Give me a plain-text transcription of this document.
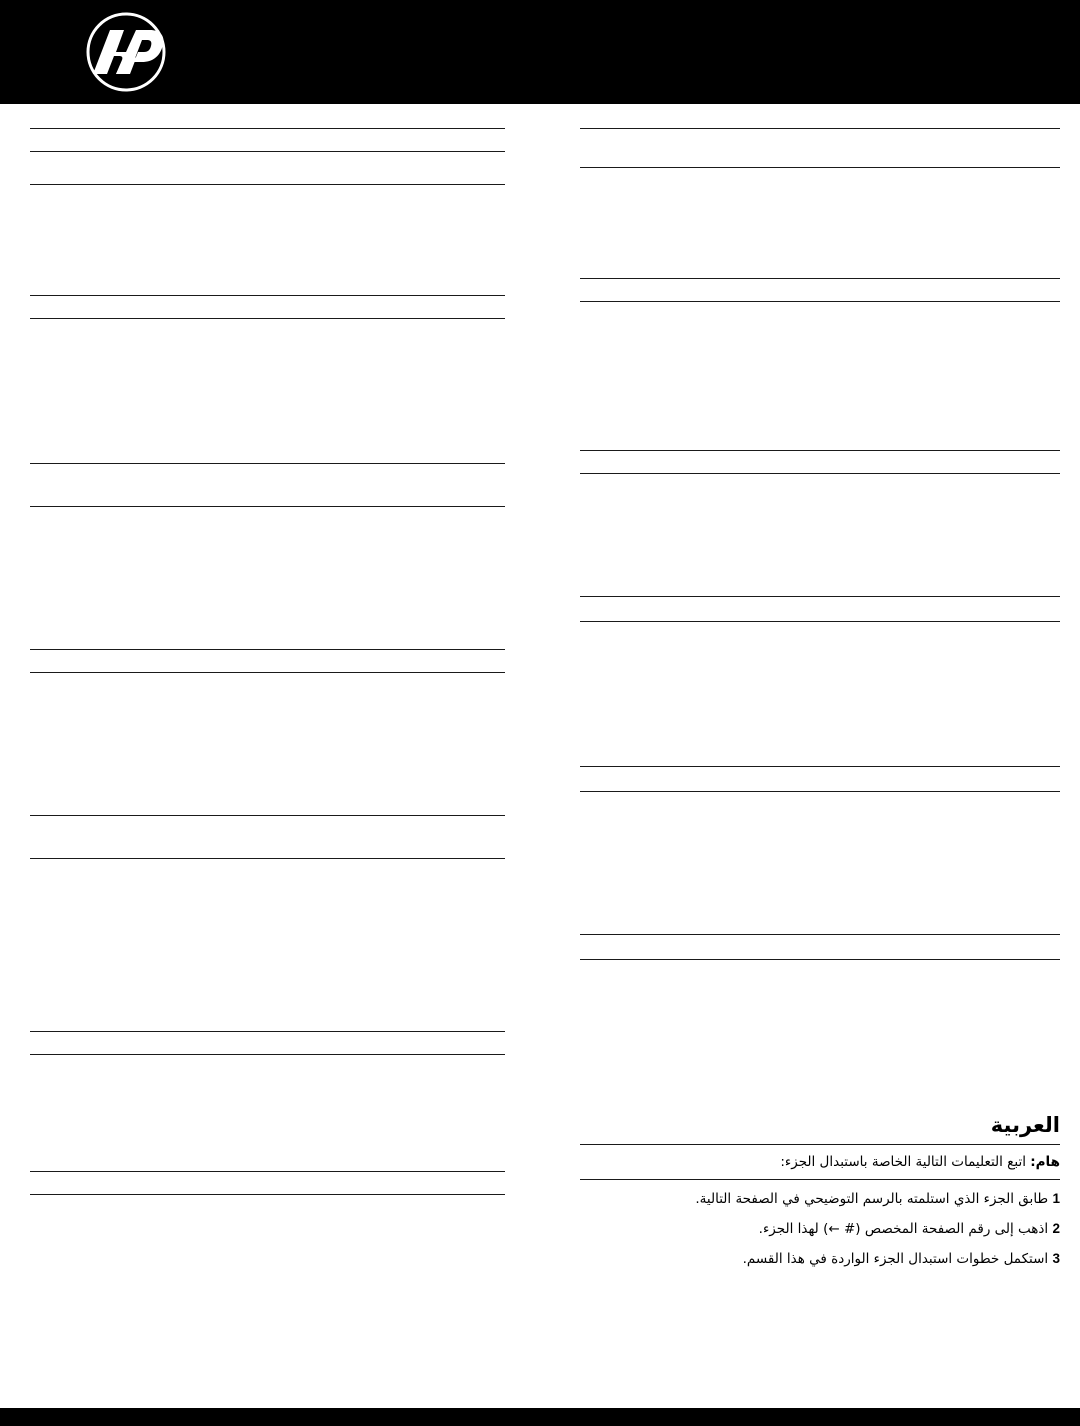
العربية
هام: اتبع التعليمات التالية الخاصة باستبدال الجزء:
1 طابق الجزء الذي استلمته بالرسم التوضيحي في الصفحة التالية.
2 اذهب إلى رقم الصفحة المخصص (# ←) لهذا الجزء.
3 استكمل خطوات استبدال الجزء الواردة في هذا القسم.
